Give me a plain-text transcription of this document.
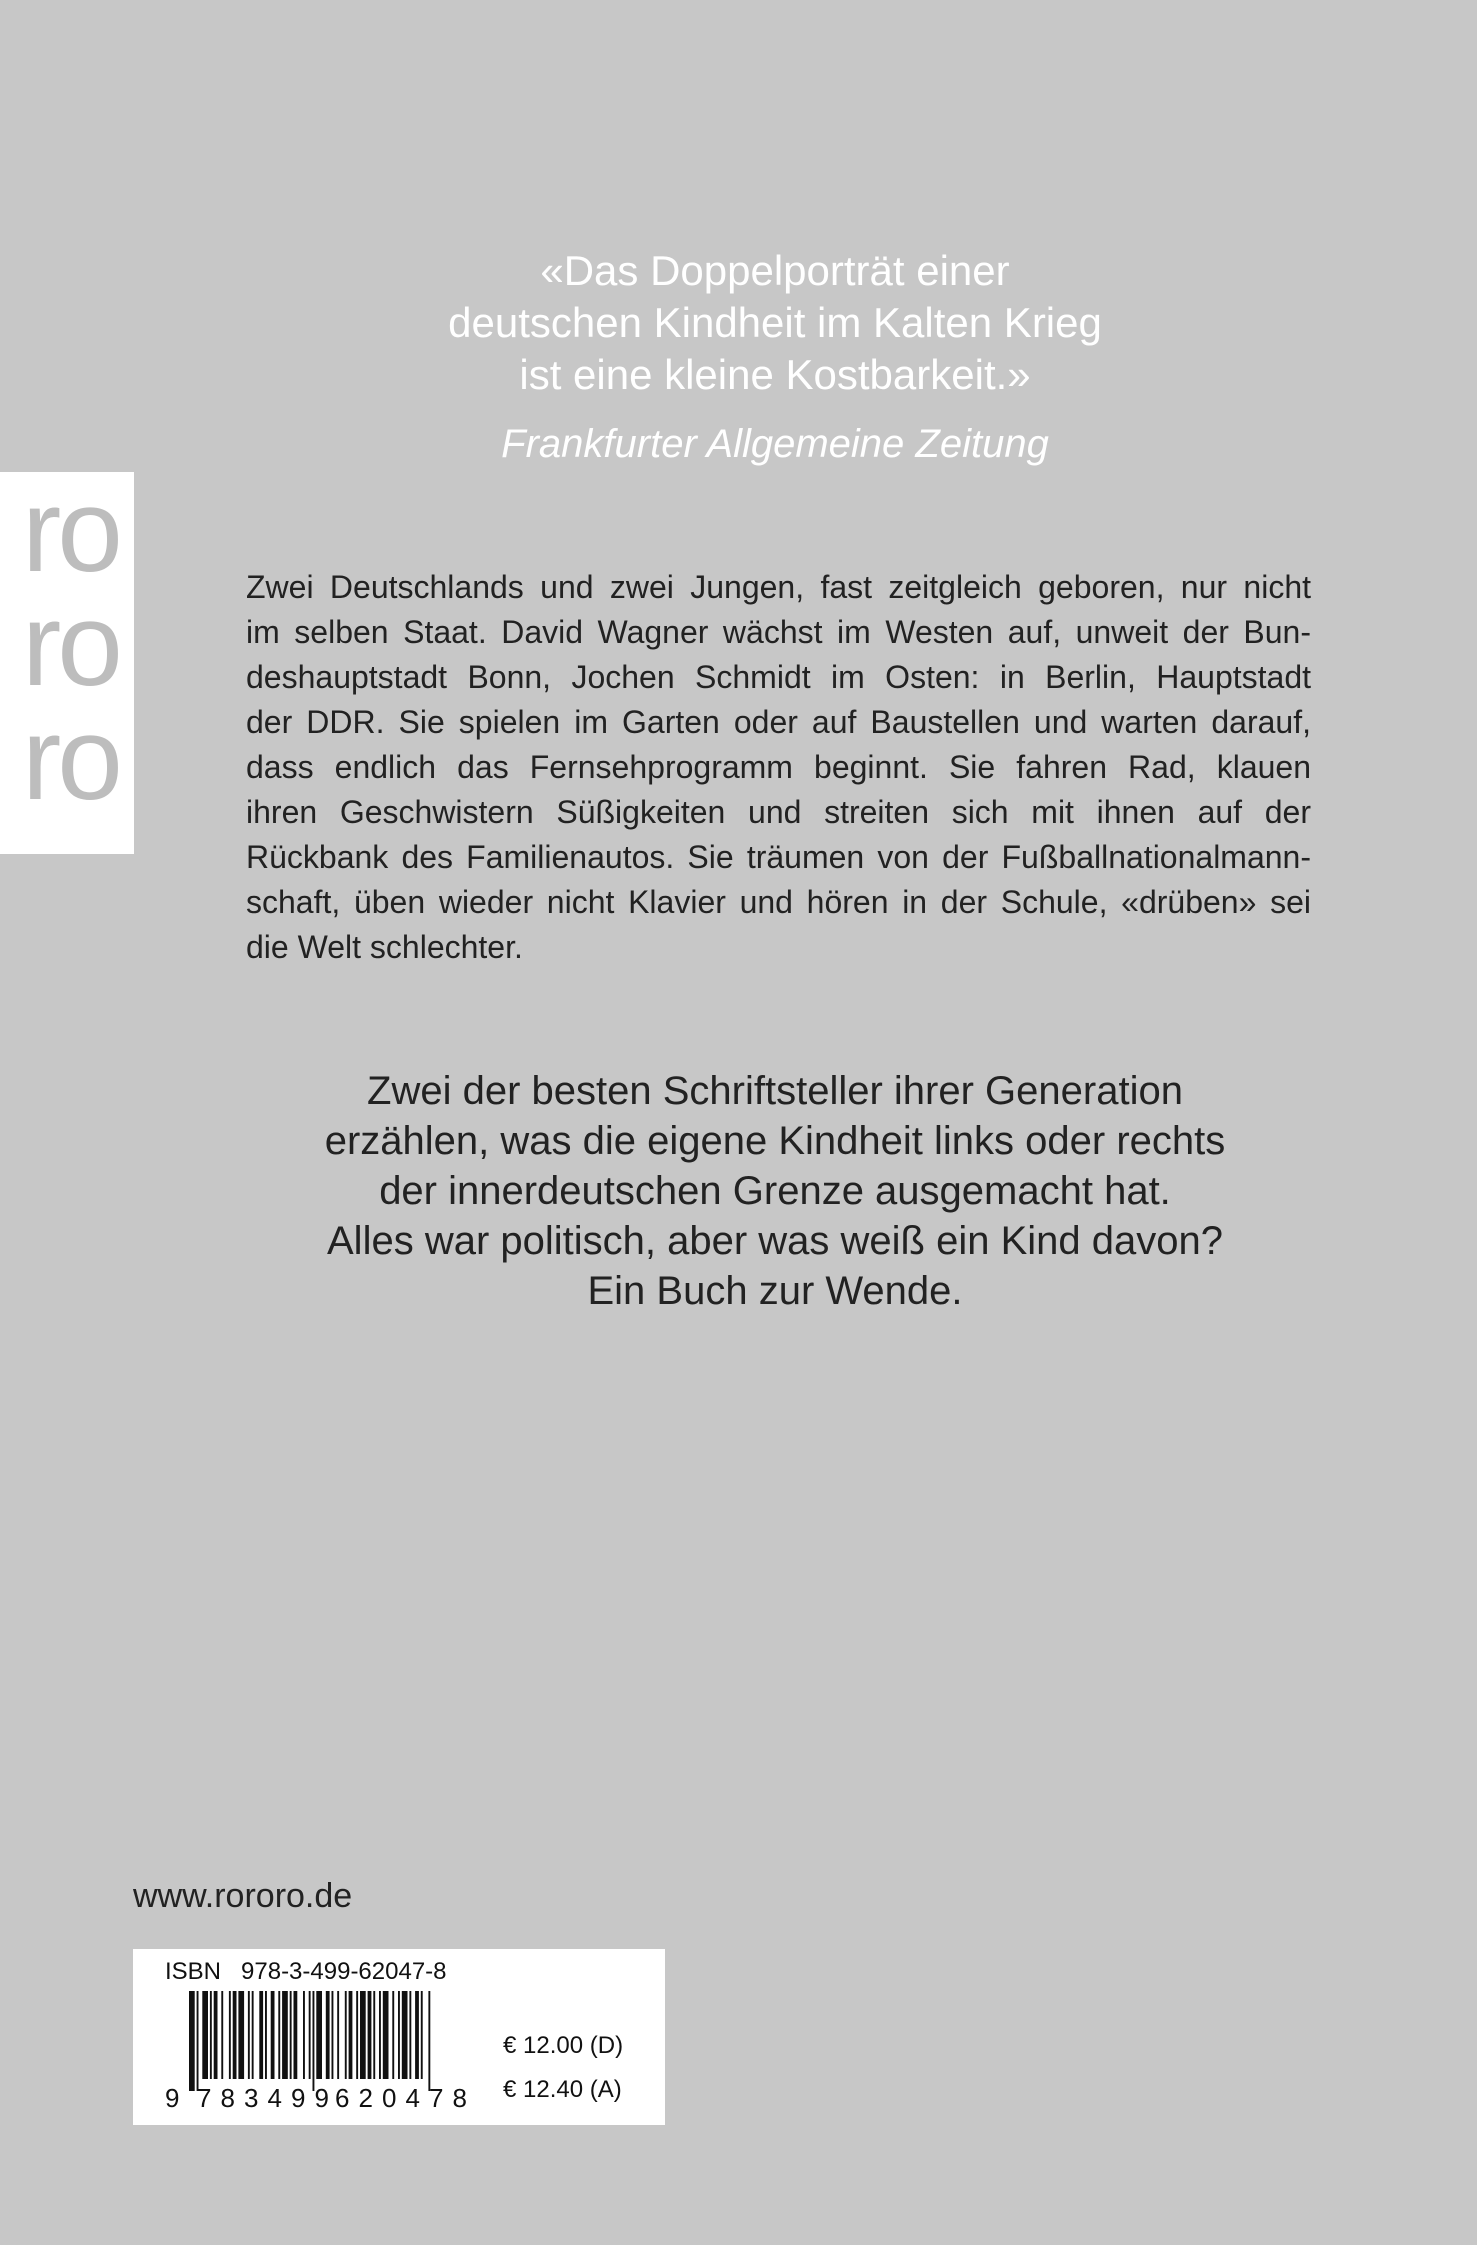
«Das Doppelporträt einer
deutschen Kindheit im Kalten Krieg
ist eine kleine Kostbarkeit.»
Frankfurter Allgemeine Zeitung
ro
ro
ro
Zwei Deutschlands und zwei Jungen, fast zeitgleich geboren, nur nicht
im selben Staat. David Wagner wächst im Westen auf, unweit der Bun-
deshauptstadt Bonn, Jochen Schmidt im Osten: in Berlin, Hauptstadt
der DDR. Sie spielen im Garten oder auf Baustellen und warten darauf,
dass endlich das Fernsehprogramm beginnt. Sie fahren Rad, klauen
ihren Geschwistern Süßigkeiten und streiten sich mit ihnen auf der
Rückbank des Familienautos. Sie träumen von der Fußballnationalmann-
schaft, üben wieder nicht Klavier und hören in der Schule, «drüben» sei
die Welt schlechter.
Zwei der besten Schriftsteller ihrer Generation
erzählen, was die eigene Kindheit links oder rechts
der innerdeutschen Grenze ausgemacht hat.
Alles war politisch, aber was weiß ein Kind davon?
Ein Buch zur Wende.
www.rororo.de
ISBN   978-3-499-62047-8
9 783499 620478
€ 12.00 (D)
€ 12.40 (A)
